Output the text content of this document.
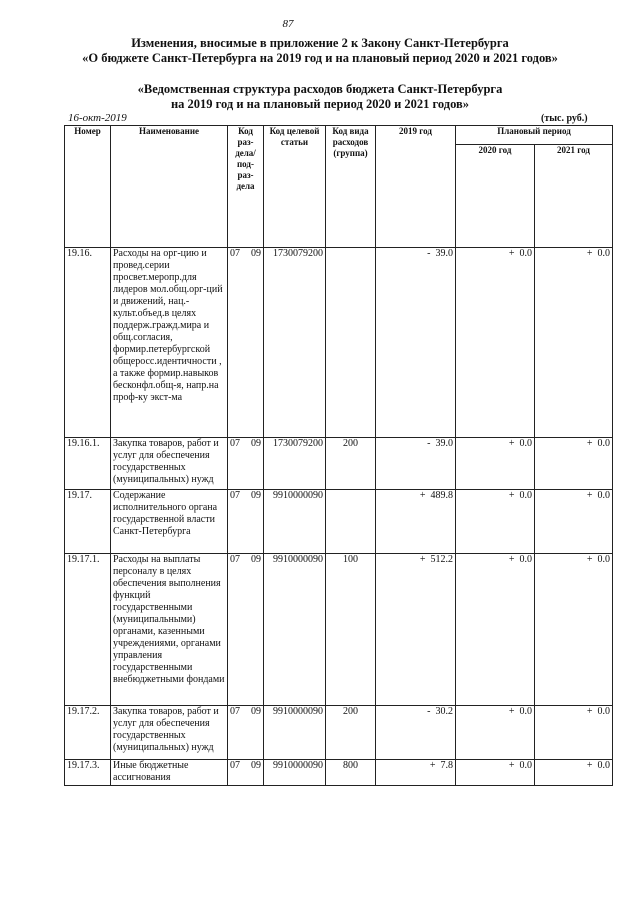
87
Изменения, вносимые в приложение 2 к Закону Санкт-Петербурга
«О бюджете Санкт-Петербурга на 2019 год и на плановый период 2020 и 2021 годов»
«Ведомственная структура расходов бюджета Санкт-Петербурга
на 2019 год и на плановый период 2020 и 2021 годов»
16-окт-2019	(тыс. руб.)
Номер	Наименование	Код раз- дела/ под- раз- дела	Код целевой статьи	Код вида расходов (группа)	2019 год	Плановый период	
						2020 год	2021 год
19.16.	Расходы на орг-цию и провед.серии просвет.меропр.для лидеров мол.общ.орг-ций и движений, нац.-культ.объед.в целях поддерж.гражд.мира и общ.согласия, формир.петербургской общеросс.идентичности , а также формир.навыков бесконфл.общ-я, напр.на проф-ку экст-ма	07 09	1730079200		-  39.0	+  0.0	+  0.0
19.16.1.	Закупка товаров, работ и услуг для обеспечения государственных (муниципальных) нужд	07 09	1730079200	200	-  39.0	+  0.0	+  0.0
19.17.	Содержание исполнительного органа государственной власти Санкт-Петербурга	07 09	9910000090		+  489.8	+  0.0	+  0.0
19.17.1.	Расходы на выплаты персоналу в целях обеспечения выполнения функций государственными (муниципальными) органами, казенными учреждениями, органами управления государственными внебюджетными фондами	07 09	9910000090	100	+  512.2	+  0.0	+  0.0
19.17.2.	Закупка товаров, работ и услуг для обеспечения государственных (муниципальных) нужд	07 09	9910000090	200	-  30.2	+  0.0	+  0.0
19.17.3.	Иные бюджетные ассигнования	07 09	9910000090	800	+  7.8	+  0.0	+  0.0
